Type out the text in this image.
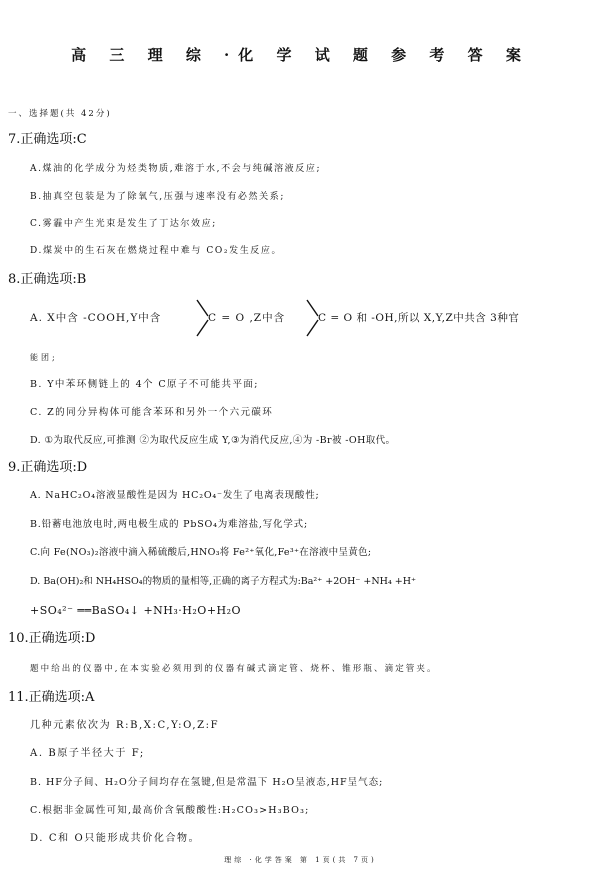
高 三 理 综 ·化 学 试 题 参 考 答 案
一、选择题(共 42分)
7.正确选项:C
A.煤油的化学成分为烃类物质,难溶于水,不会与纯碱溶液反应;
B.抽真空包装是为了除氧气,压强与速率没有必然关系;
C.雾霾中产生光束是发生了丁达尔效应;
D.煤炭中的生石灰在燃烧过程中难与 CO₂发生反应。
8.正确选项:B
A. X中含 -COOH,Y中含	C = O ,Z中含	C = O 和 -OH,所以 X,Y,Z中共含 3种官
能团;
B. Y中苯环侧链上的 4个 C原子不可能共平面;
C. Z的同分异构体可能含苯环和另外一个六元碳环
D. ①为取代反应,可推测 ②为取代反应生成 Y,③为消代反应,④为 -Br被 -OH取代。
9.正确选项:D
A. NaHC₂O₄溶液显酸性是因为 HC₂O₄⁻发生了电离表现酸性;
B.铅蓄电池放电时,两电极生成的 PbSO₄为难溶盐,写化学式;
C.向 Fe(NO₃)₂溶液中滴入稀硫酸后,HNO₃将 Fe²⁺氧化,Fe³⁺在溶液中呈黄色;
D. Ba(OH)₂和 NH₄HSO₄的物质的量相等,正确的离子方程式为:Ba²⁺ +2OH⁻ +NH₄ +H⁺
+SO₄²⁻ ══BaSO₄↓ +NH₃·H₂O+H₂O
10.正确选项:D
题中给出的仪器中,在本实验必须用到的仪器有碱式滴定管、烧杯、锥形瓶、滴定管夹。
11.正确选项:A
几种元素依次为 R:B,X:C,Y:O,Z:F
A. B原子半径大于 F;
B. HF分子间、H₂O分子间均存在氢键,但是常温下 H₂O呈液态,HF呈气态;
C.根据非金属性可知,最高价含氧酸酸性:H₂CO₃>H₃BO₃;
D. C和 O只能形成共价化合物。
理综 ·化学答案 第 1页(共 7页)
